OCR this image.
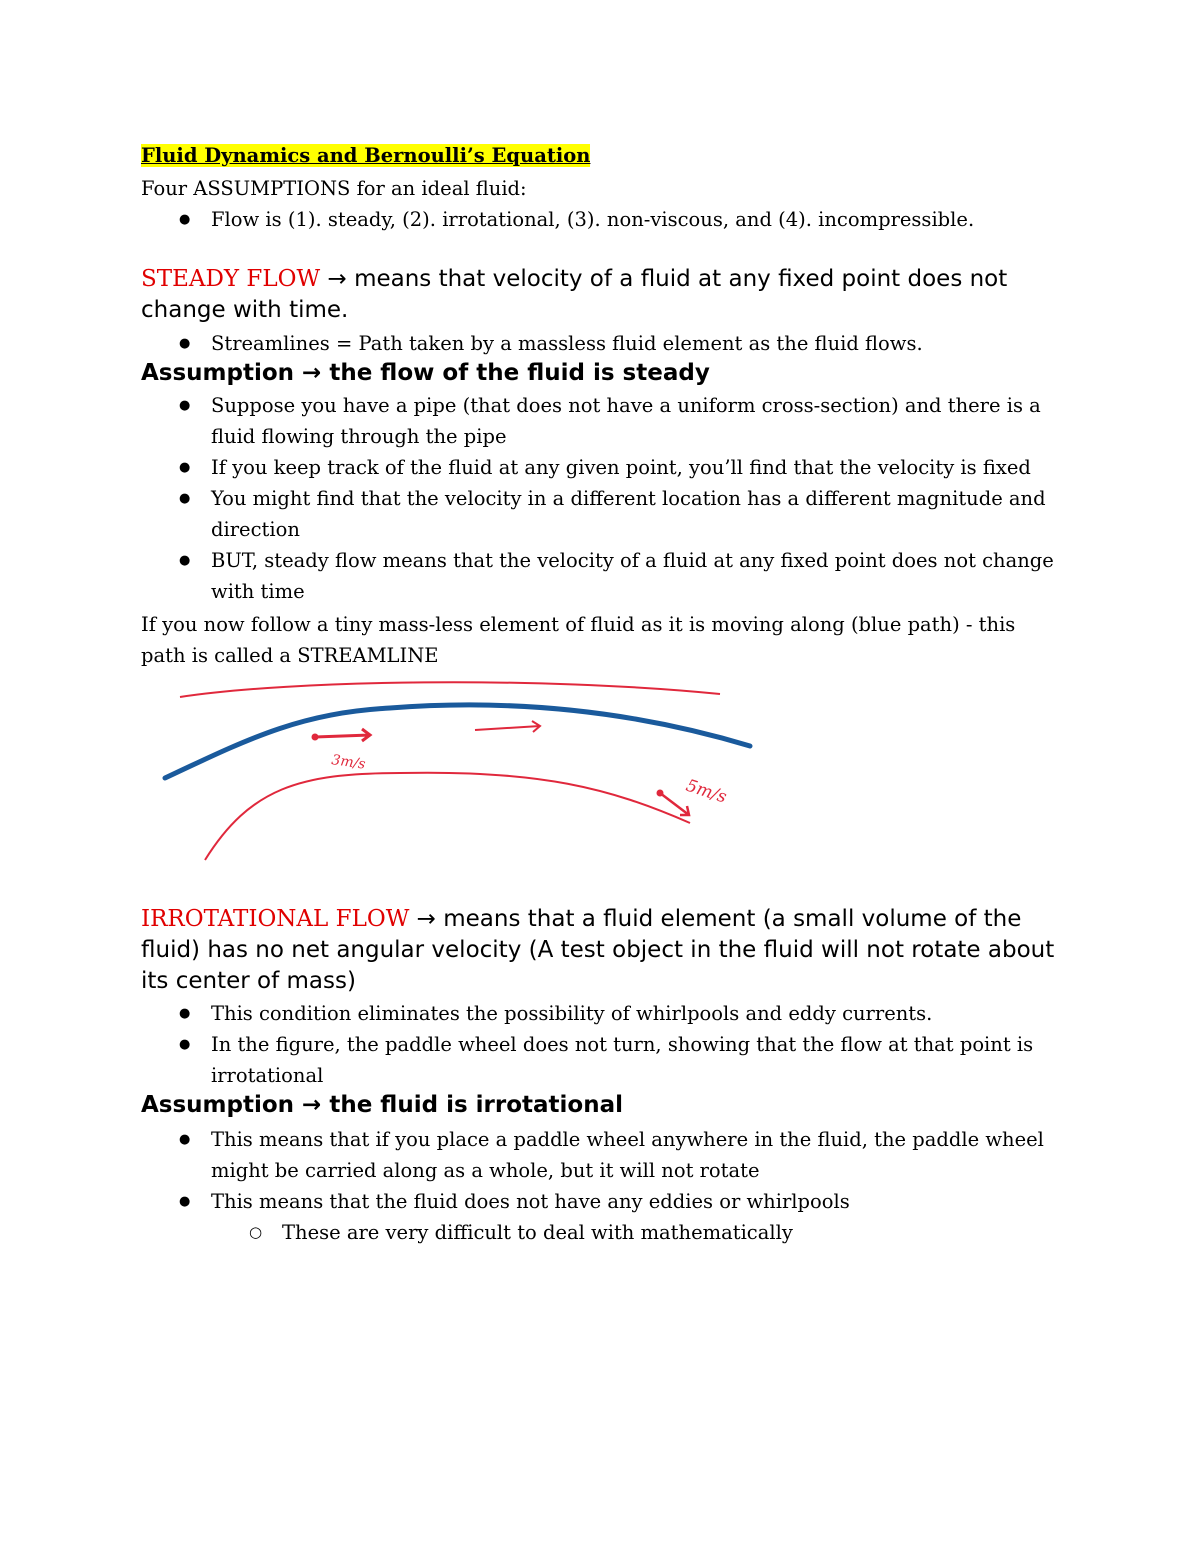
Fluid Dynamics and Bernoulli’s Equation
Four ASSUMPTIONS for an ideal fluid:
● Flow is (1). steady, (2). irrotational, (3). non-viscous, and (4). incompressible.
STEADY FLOW → means that velocity of a fluid at any fixed point does not change with time.
● Streamlines = Path taken by a massless fluid element as the fluid flows.
Assumption → the flow of the fluid is steady
● Suppose you have a pipe (that does not have a uniform cross-section) and there is a fluid flowing through the pipe
● If you keep track of the fluid at any given point, you’ll find that the velocity is fixed
● You might find that the velocity in a different location has a different magnitude and direction
● BUT, steady flow means that the velocity of a fluid at any fixed point does not change with time
If you now follow a tiny mass-less element of fluid as it is moving along (blue path) - this path is called a STREAMLINE
3m/s
5m/s
IRROTATIONAL FLOW → means that a fluid element (a small volume of the fluid) has no net angular velocity (A test object in the fluid will not rotate about its center of mass)
● This condition eliminates the possibility of whirlpools and eddy currents.
● In the figure, the paddle wheel does not turn, showing that the flow at that point is irrotational
Assumption → the fluid is irrotational
● This means that if you place a paddle wheel anywhere in the fluid, the paddle wheel might be carried along as a whole, but it will not rotate
● This means that the fluid does not have any eddies or whirlpools
○ These are very difficult to deal with mathematically
